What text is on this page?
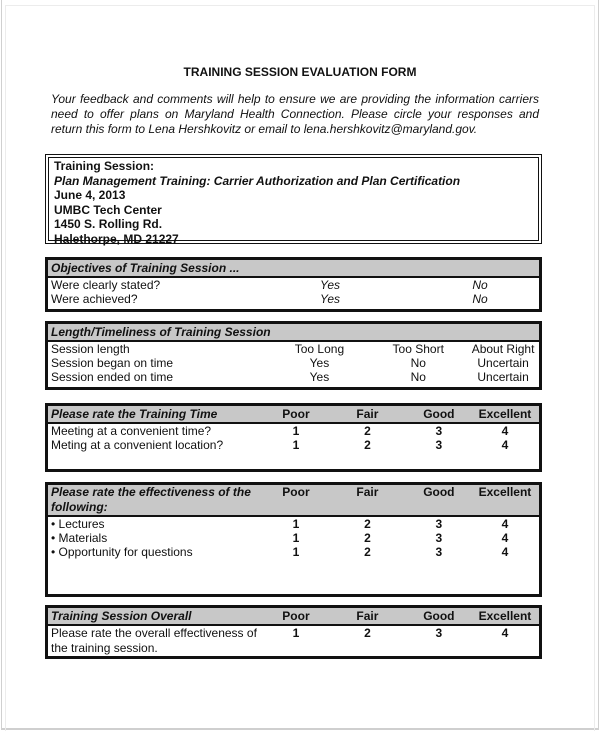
TRAINING SESSION EVALUATION FORM
Your feedback and comments will help to ensure we are providing the information carriers need to offer plans on Maryland Health Connection. Please circle your responses and return this form to Lena Hershkovitz or email to lena.hershkovitz@maryland.gov.
Training Session:
Plan Management Training: Carrier Authorization and Plan Certification
June 4, 2013
UMBC Tech Center
1450 S. Rolling Rd.
Halethorpe, MD 21227
Objectives of Training Session ...
Were clearly stated?	Yes	No
Were achieved?	Yes	No
Length/Timeliness of Training Session
Session length	Too Long	Too Short	About Right
Session began on time	Yes	No	Uncertain
Session ended on time	Yes	No	Uncertain
Please rate the Training Time	Poor	Fair	Good	Excellent
Meeting at a convenient time?	1	2	3	4
Meting at a convenient location?	1	2	3	4
Please rate the effectiveness of the
following:
Poor	Fair	Good	Excellent
• Lectures	1	2	3	4
• Materials	1	2	3	4
• Opportunity for questions	1	2	3	4
Training Session Overall	Poor	Fair	Good	Excellent
Please rate the overall effectiveness of
the training session.
1	2	3	4
